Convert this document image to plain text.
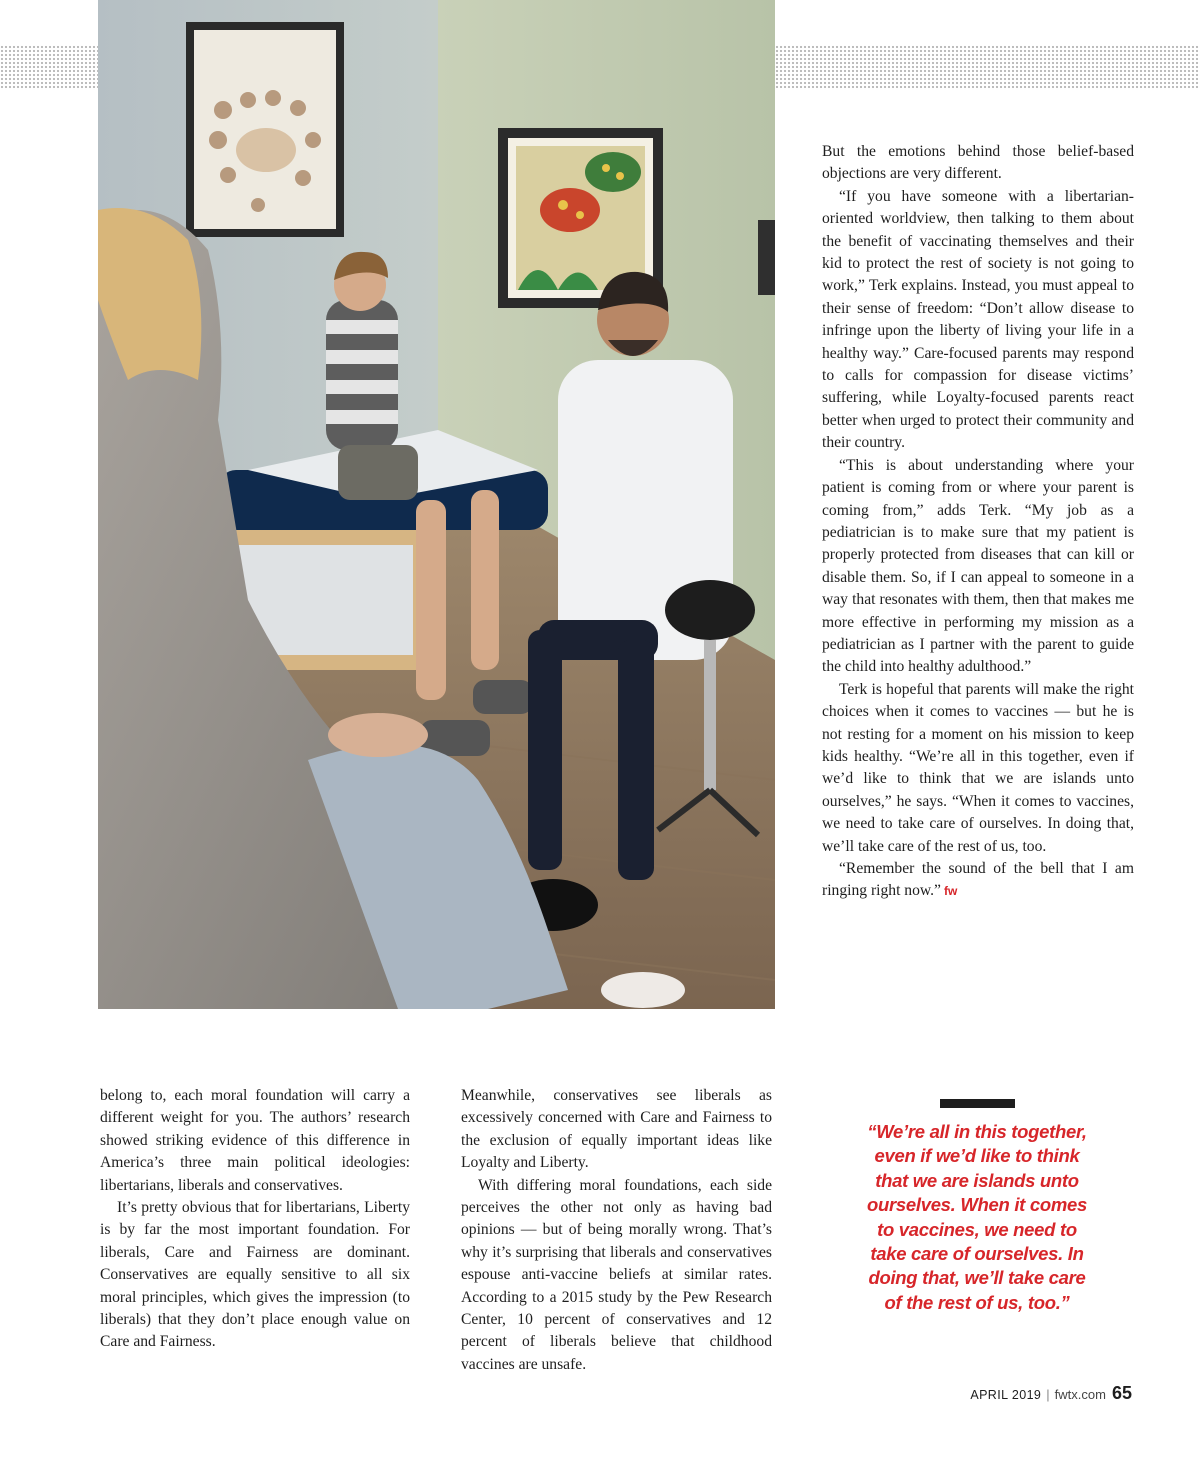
But the emotions behind those belief-based objections are very different.

“If you have someone with a libertarian-oriented worldview, then talking to them about the benefit of vaccinating themselves and their kid to protect the rest of society is not going to work,” Terk explains. Instead, you must appeal to their sense of freedom: “Don’t allow disease to infringe upon the liberty of living your life in a healthy way.” Care-focused parents may respond to calls for compassion for disease victims’ suffering, while Loyalty-focused parents react better when urged to protect their community and their country.

“This is about understanding where your patient is coming from or where your parent is coming from,” adds Terk. “My job as a pediatrician is to make sure that my patient is properly protected from diseases that can kill or disable them. So, if I can appeal to someone in a way that resonates with them, then that makes me more effective in performing my mission as a pediatrician as I partner with the parent to guide the child into healthy adulthood.”

Terk is hopeful that parents will make the right choices when it comes to vaccines — but he is not resting for a moment on his mission to keep kids healthy. “We’re all in this together, even if we’d like to think that we are islands unto ourselves,” he says. “When it comes to vaccines, we need to take care of ourselves. In doing that, we’ll take care of the rest of us, too.

“Remember the sound of the bell that I am ringing right now.” fw

belong to, each moral foundation will carry a different weight for you. The authors’ research showed striking evidence of this difference in America’s three main political ideologies: libertarians, liberals and conservatives.

It’s pretty obvious that for libertarians, Liberty is by far the most important foundation. For liberals, Care and Fairness are dominant. Conservatives are equally sensitive to all six moral principles, which gives the impression (to liberals) that they don’t place enough value on Care and Fairness.

Meanwhile, conservatives see liberals as excessively concerned with Care and Fairness to the exclusion of equally important ideas like Loyalty and Liberty.

With differing moral foundations, each side perceives the other not only as having bad opinions — but of being morally wrong. That’s why it’s surprising that liberals and conservatives espouse anti-vaccine beliefs at similar rates. According to a 2015 study by the Pew Research Center, 10 percent of conservatives and 12 percent of liberals believe that childhood vaccines are unsafe.

“We’re all in this together,
even if we’d like to think
that we are islands unto
ourselves. When it comes
to vaccines, we need to
take care of ourselves. In
doing that, we’ll take care
of the rest of us, too.”
APRIL 2019 | fwtx.com 65
